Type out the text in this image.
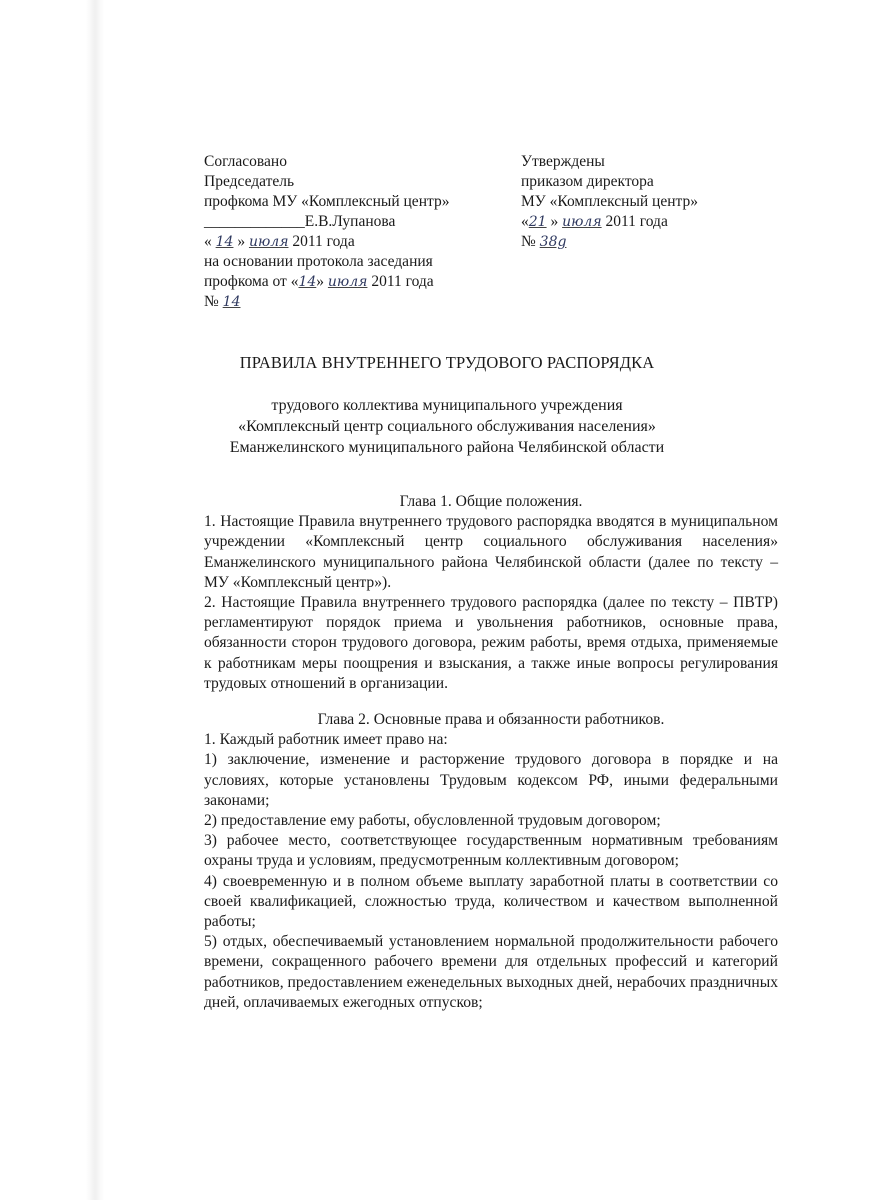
Согласовано
Председатель
профкома МУ «Комплексный центр»
_____________Е.В.Лупанова
« 14 » июля 2011 года
на основании протокола заседания
профкома от «14» июля 2011 года
№ 14
Утверждены
приказом директора
МУ «Комплексный центр»
«21 » июля 2011 года
№ 38g
ПРАВИЛА ВНУТРЕННЕГО ТРУДОВОГО РАСПОРЯДКА
трудового коллектива муниципального учреждения
«Комплексный центр социального обслуживания населения»
Еманжелинского муниципального района Челябинской области
Глава 1. Общие положения.
1. Настоящие Правила внутреннего трудового распорядка вводятся в муниципальном учреждении «Комплексный центр социального обслуживания населения» Еманжелинского муниципального района Челябинской области (далее по тексту – МУ «Комплексный центр»).
2. Настоящие Правила внутреннего трудового распорядка (далее по тексту – ПВТР) регламентируют порядок приема и увольнения работников, основные права, обязанности сторон трудового договора, режим работы, время отдыха, применяемые к работникам меры поощрения и взыскания, а также иные вопросы регулирования трудовых отношений в организации.
Глава 2. Основные права и обязанности работников.
1. Каждый работник имеет право на:
1) заключение, изменение и расторжение трудового договора в порядке и на условиях, которые установлены Трудовым кодексом РФ, иными федеральными законами;
2) предоставление ему работы, обусловленной трудовым договором;
3) рабочее место, соответствующее государственным нормативным требованиям охраны труда и условиям, предусмотренным коллективным договором;
4) своевременную и в полном объеме выплату заработной платы в соответствии со своей квалификацией, сложностью труда, количеством и качеством выполненной работы;
5) отдых, обеспечиваемый установлением нормальной продолжительности рабочего времени, сокращенного рабочего времени для отдельных профессий и категорий работников, предоставлением еженедельных выходных дней, нерабочих праздничных дней, оплачиваемых ежегодных отпусков;
